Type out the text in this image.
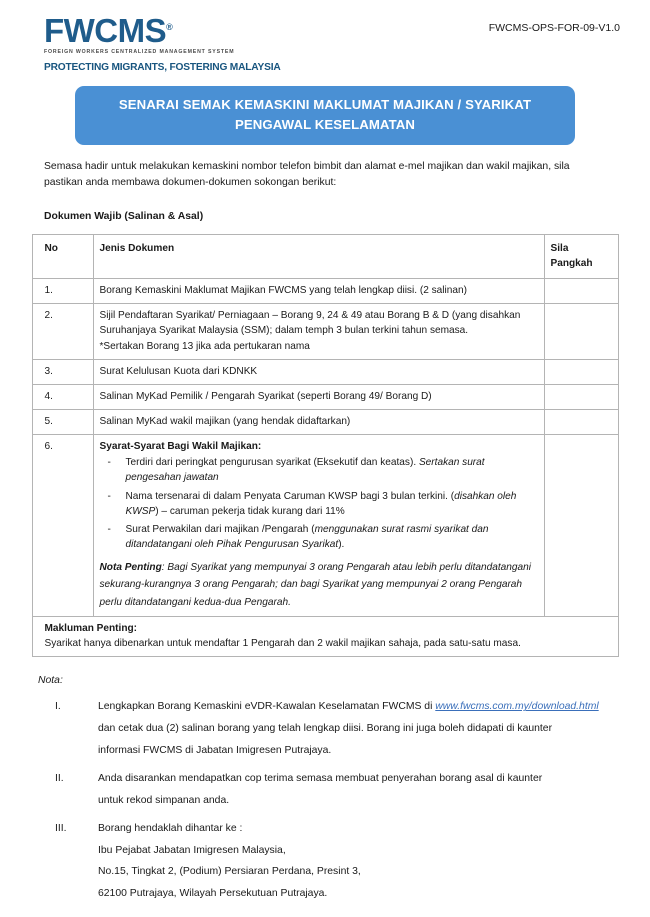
FWCMS®
FOREIGN WORKERS CENTRALIZED MANAGEMENT SYSTEM
PROTECTING MIGRANTS, FOSTERING MALAYSIA
FWCMS-OPS-FOR-09-V1.0
SENARAI SEMAK KEMASKINI MAKLUMAT MAJIKAN / SYARIKAT
PENGAWAL KESELAMATAN
Semasa hadir untuk melakukan kemaskini nombor telefon bimbit dan alamat e-mel majikan dan wakil majikan, sila pastikan anda membawa dokumen-dokumen sokongan berikut:
Dokumen Wajib (Salinan & Asal)
No	Jenis Dokumen	Sila
Pangkah
1.	Borang Kemaskini Maklumat Majikan FWCMS yang telah lengkap diisi. (2 salinan)	
2.	Sijil Pendaftaran Syarikat/ Perniagaan – Borang 9, 24 & 49 atau Borang B & D (yang disahkan Suruhanjaya Syarikat Malaysia (SSM); dalam temph 3 bulan terkini tahun semasa.
*Sertakan Borang 13 jika ada pertukaran nama	

3.	Surat Kelulusan Kuota dari KDNKK	
4.	Salinan MyKad Pemilik / Pengarah Syarikat (seperti Borang 49/ Borang D)	
5.	Salinan MyKad wakil majikan (yang hendak didaftarkan)	
6.	Syarat-Syarat Bagi Wakil Majikan:
- Terdiri dari peringkat pengurusan syarikat (Eksekutif dan keatas). Sertakan surat pengesahan jawatan
- Nama tersenarai di dalam Penyata Caruman KWSP bagi 3 bulan terkini. (disahkan oleh KWSP) – caruman pekerja tidak kurang dari 11%
- Surat Perwakilan dari majikan /Pengarah (menggunakan surat rasmi syarikat dan ditandatangani oleh Pihak Pengurusan Syarikat).
Nota Penting: Bagi Syarikat yang mempunyai 3 orang Pengarah atau lebih perlu ditandatangani sekurang-kurangnya 3 orang Pengarah; dan bagi Syarikat yang mempunyai 2 orang Pengarah perlu ditandatangani kedua-dua Pengarah.

Makluman Penting:
Syarikat hanya dibenarkan untuk mendaftar 1 Pengarah dan 2 wakil majikan sahaja, pada satu-satu masa.		
Nota:
I.	Lengkapkan Borang Kemaskini eVDR-Kawalan Keselamatan FWCMS di www.fwcms.com.my/download.html
dan cetak dua (2) salinan borang yang telah lengkap diisi. Borang ini juga boleh didapati di kaunter
informasi FWCMS di Jabatan Imigresen Putrajaya.
II.	Anda disarankan mendapatkan cop terima semasa membuat penyerahan borang asal di kaunter
untuk rekod simpanan anda.
III.	Borang hendaklah dihantar ke :
Ibu Pejabat Jabatan Imigresen Malaysia,
No.15, Tingkat 2, (Podium) Persiaran Perdana, Presint 3,
62100 Putrajaya, Wilayah Persekutuan Putrajaya.
